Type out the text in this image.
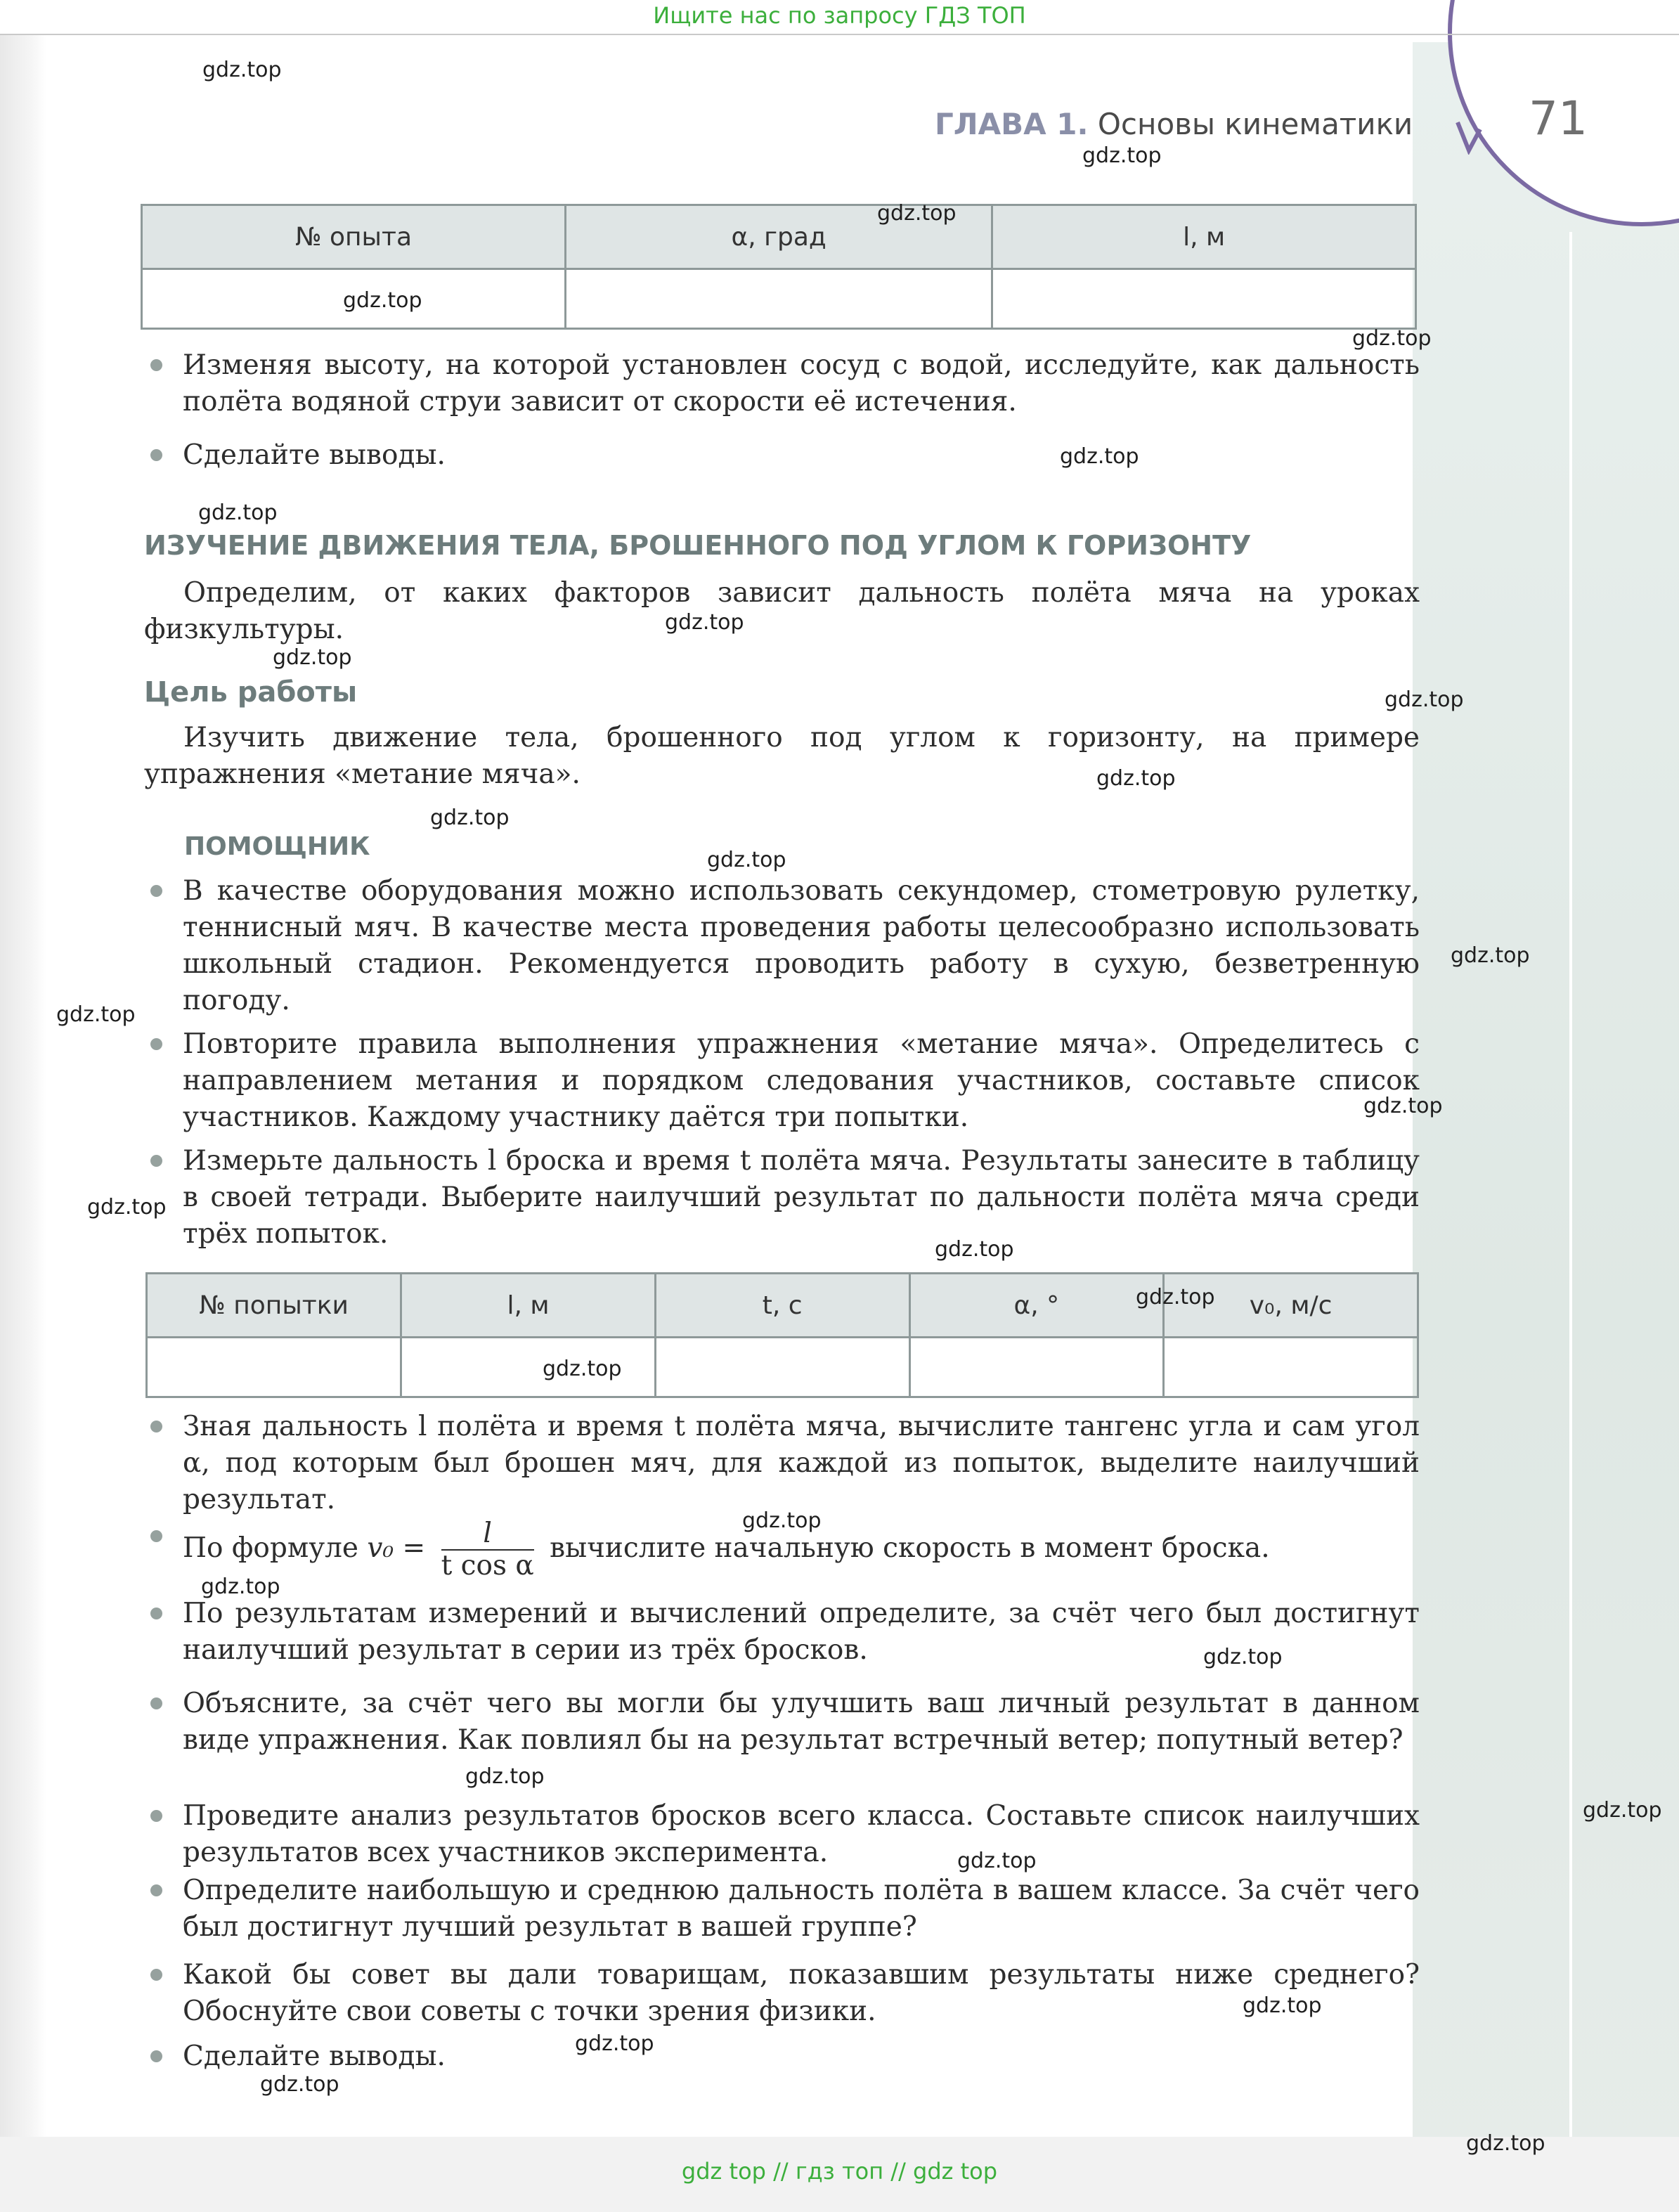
71
Ищите нас по запросу ГДЗ ТОП
ГЛАВА 1. Основы кинематики
№ опыта	α, град	l, м

Изменяя высоту, на которой установлен сосуд с водой, исследуйте, как дальность полёта водяной струи зависит от скорости её истечения.
Сделайте выводы.
ИЗУЧЕНИЕ ДВИЖЕНИЯ ТЕЛА, БРОШЕННОГО ПОД УГЛОМ К ГОРИЗОНТУ
Определим, от каких факторов зависит дальность полёта мяча на уроках физкультуры.
Цель работы
Изучить движение тела, брошенного под углом к горизонту, на примере упражнения «метание мяча».
ПОМОЩНИК
В качестве оборудования можно использовать секундомер, стометровую рулетку, теннисный мяч. В качестве места проведения работы целесообразно использовать школьный стадион. Рекомендуется проводить работу в сухую, безветренную погоду.
Повторите правила выполнения упражнения «метание мяча». Определитесь с направлением метания и порядком следования участников, составьте список участников. Каждому участнику даётся три попытки.
Измерьте дальность l броска и время t полёта мяча. Результаты занесите в таблицу в своей тетради. Выберите наилучший результат по дальности полёта мяча среди трёх попыток.
№ попытки	l, м	t, с	α, °	v₀, м/с

Зная дальность l полёта и время t полёта мяча, вычислите тангенс угла и сам угол α, под которым был брошен мяч, для каждой из попыток, выделите наилучший результат.
По формуле $v_0 = \frac{l}{\text{t cos α}}$ вычислите начальную скорость в момент броска.
По результатам измерений и вычислений определите, за счёт чего был достигнут наилучший результат в серии из трёх бросков.
Объясните, за счёт чего вы могли бы улучшить ваш личный результат в данном виде упражнения. Как повлиял бы на результат встречный ветер; попутный ветер?
Проведите анализ результатов бросков всего класса. Составьте список наилучших результатов всех участников эксперимента.
Определите наибольшую и среднюю дальность полёта в вашем классе. За счёт чего был достигнут лучший результат в вашей группе?
Какой бы совет вы дали товарищам, показавшим результаты ниже среднего? Обоснуйте свои советы с точки зрения физики.
Сделайте выводы.
gdz top // гдз топ // gdz top
gdz.top
gdz.top
gdz.top
gdz.top
gdz.top
gdz.top
gdz.top
gdz.top
gdz.top
gdz.top
gdz.top
gdz.top
gdz.top
gdz.top
gdz.top
gdz.top
gdz.top
gdz.top
gdz.top
gdz.top
gdz.top
gdz.top
gdz.top
gdz.top
gdz.top
gdz.top
gdz.top
gdz.top
gdz.top
gdz.top
